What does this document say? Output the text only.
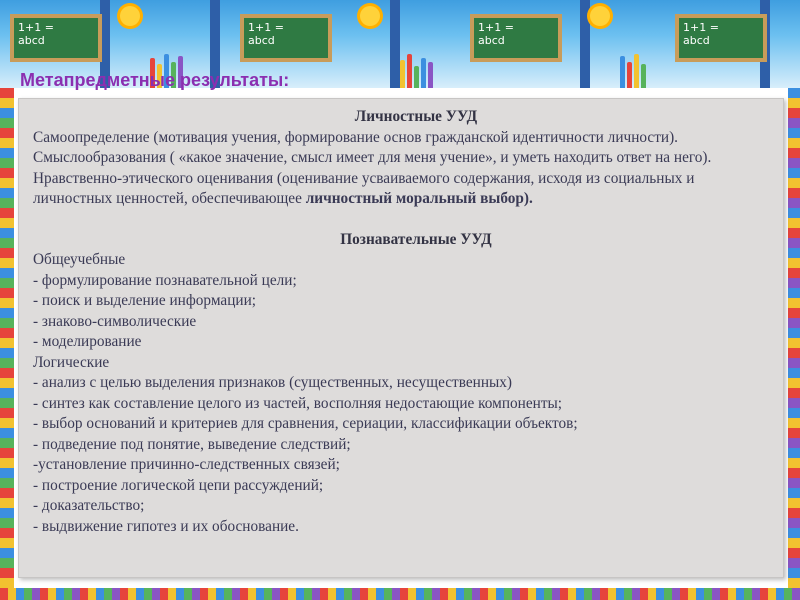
1+1 =
abcd
1+1 =
abcd
1+1 =
abcd
1+1 =
abcd
Метапредметные результаты:

Личностные УУД

Самоопределение (мотивация учения, формирование основ гражданской идентичности личности).

Смыслообразования ( «какое значение, смысл имеет для меня учение», и уметь находить ответ на него).

Нравственно-этического оценивания (оценивание усваиваемого содержания, исходя из социальных и личностных ценностей, обеспечивающее личностный моральный выбор).

Познавательные УУД

Общеучебные

- формулирование познавательной цели;

- поиск и выделение информации;

- знаково-символические

- моделирование

Логические

- анализ с целью выделения признаков (существенных, несущественных)

- синтез как составление целого из частей, восполняя недостающие компоненты;

- выбор оснований и критериев для сравнения, сериации, классификации объектов;

- подведение под понятие, выведение следствий;

-установление причинно-следственных связей;

- построение логической цепи рассуждений;

- доказательство;

- выдвижение гипотез и их обоснование.
